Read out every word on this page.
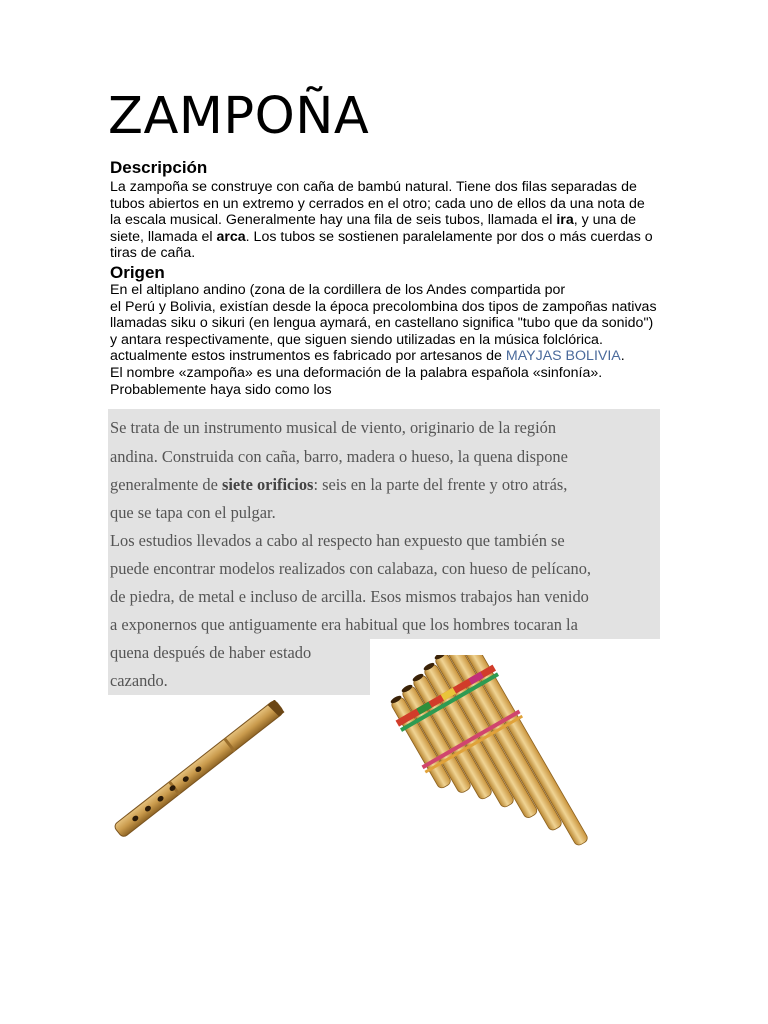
ZAMPOÑA
Descripción

La zampoña se construye con caña de bambú natural. Tiene dos filas separadas de
tubos abiertos en un extremo y cerrados en el otro; cada uno de ellos da una nota de
la escala musical. Generalmente hay una fila de seis tubos, llamada el ira, y una de
siete, llamada el arca. Los tubos se sostienen paralelamente por dos o más cuerdas o
tiras de caña.

Origen

En el altiplano andino (zona de la cordillera de los Andes compartida por
el Perú y Bolivia, existían desde la época precolombina dos tipos de zampoñas nativas
llamadas siku o sikuri (en lengua aymará, en castellano significa "tubo que da sonido")
y antara respectivamente, que siguen siendo utilizadas en la música folclórica.
actualmente estos instrumentos es fabricado por artesanos de MAYJAS BOLIVIA.
El nombre «zampoña» es una deformación de la palabra española «sinfonía».
Probablemente haya sido como los

Se trata de un instrumento musical de viento, originario de la región
andina. Construida con caña, barro, madera o hueso, la quena dispone
generalmente de siete orificios: seis en la parte del frente y otro atrás,
que se tapa con el pulgar.
Los estudios llevados a cabo al respecto han expuesto que también se
puede encontrar modelos realizados con calabaza, con hueso de pelícano,
de piedra, de metal e incluso de arcilla. Esos mismos trabajos han venido
a exponernos que antiguamente era habitual que los hombres tocaran la
quena después de haber estado
cazando.
